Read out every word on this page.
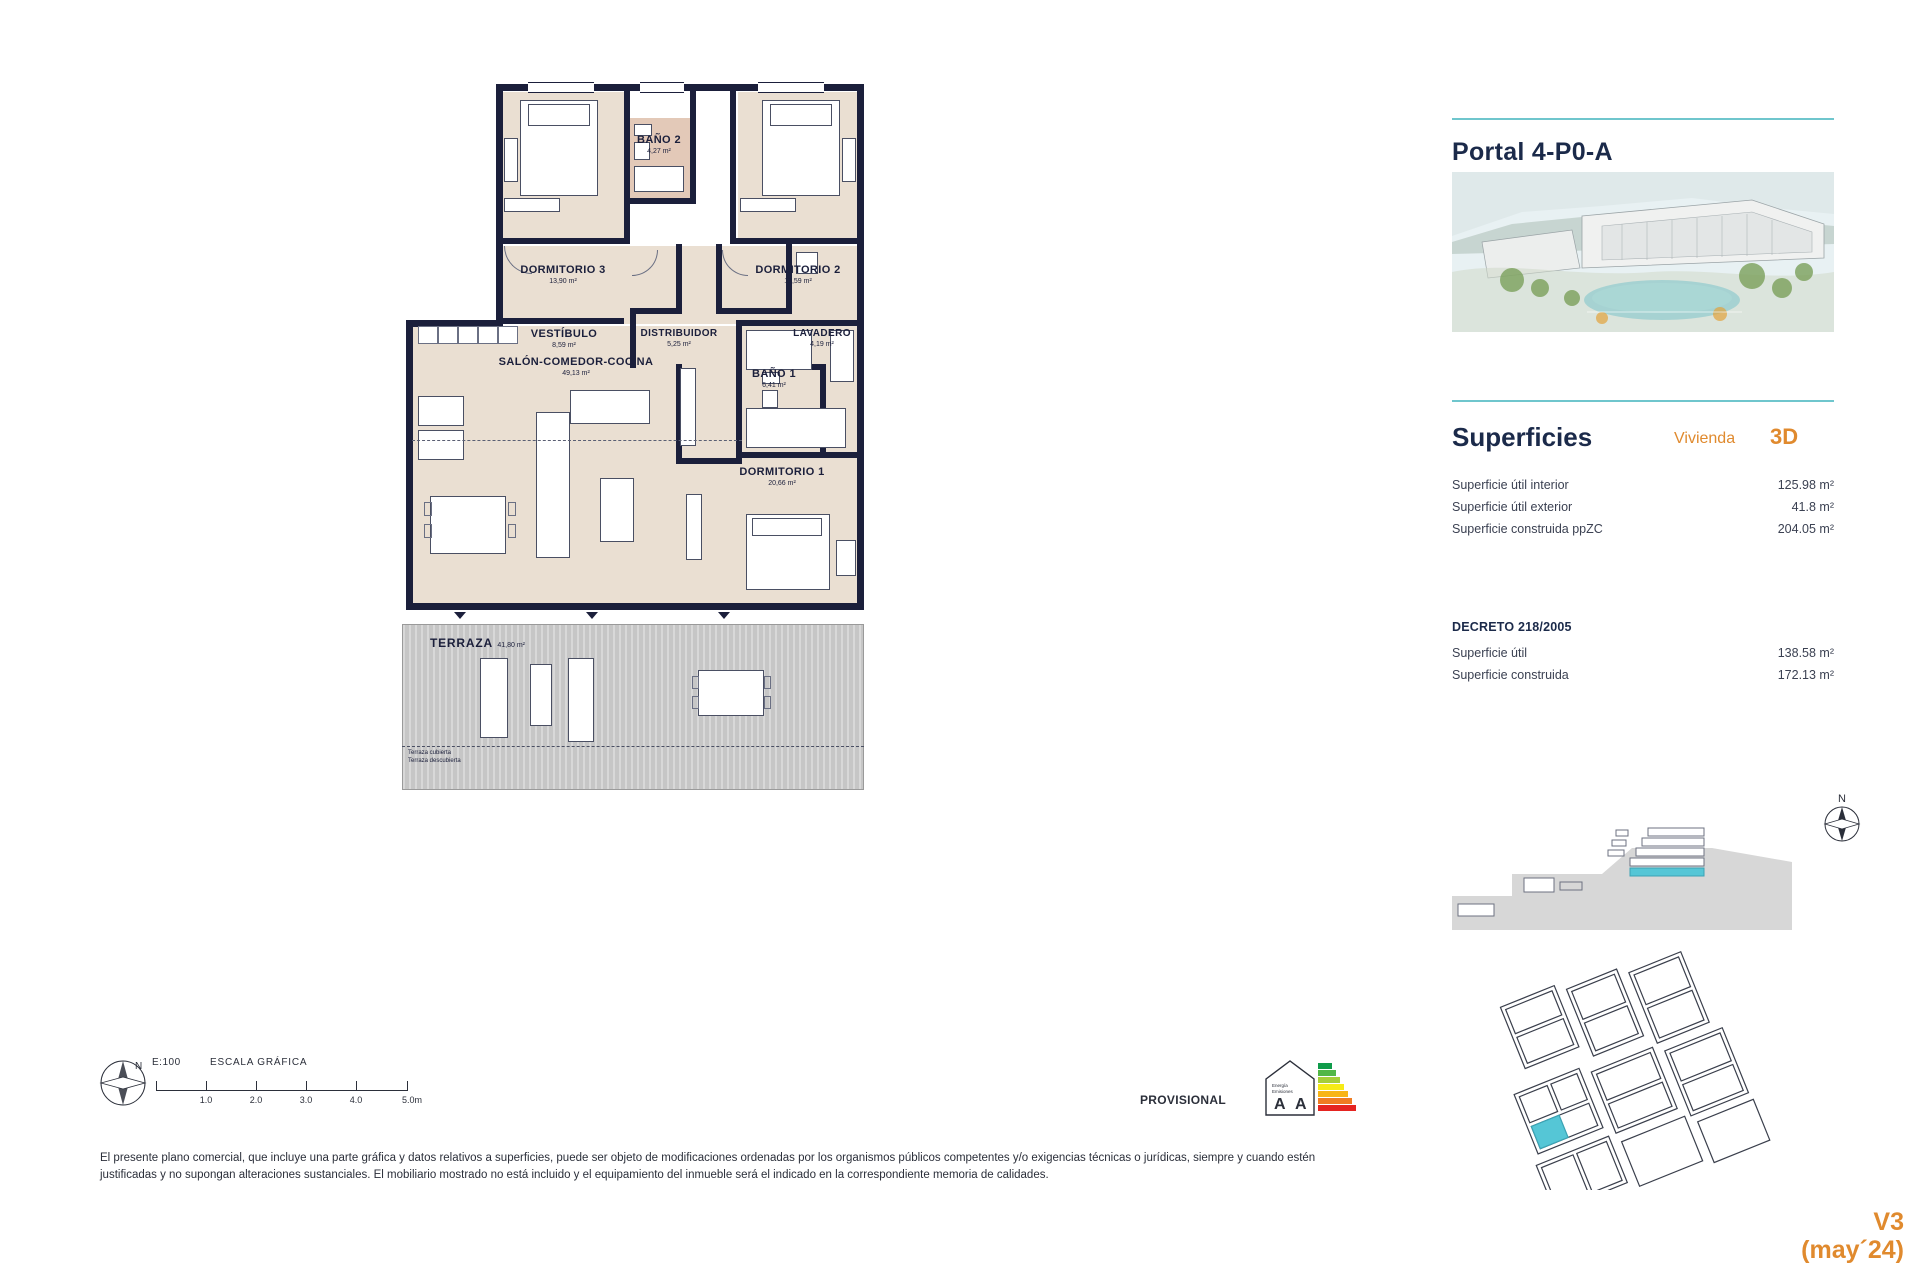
DORMITORIO 3
13,90 m²
DORMITORIO 2
13,59 m²
BAÑO 2
4,27 m²
BAÑO 1
6,41 m²
VESTÍBULO
8,59 m²
DISTRIBUIDOR
5,25 m²
LAVADERO
4,19 m²
SALÓN-COMEDOR-COCINA
49,13 m²
DORMITORIO 1
20,66 m²
TERRAZA 41,80 m²
Terraza cubierta
Terraza descubierta
N E:100	ESCALA GRÁFICA
1.0	2.0	3.0	4.0	5.0m	PROVISIONAL
Energía
Emisiones
A A
El presente plano comercial, que incluye una parte gráfica y datos relativos a superficies, puede ser objeto de modificaciones ordenadas por los organismos públicos competentes y/o exigencias técnicas o jurídicas, siempre y cuando estén justificadas y no supongan alteraciones sustanciales. El mobiliario mostrado no está incluido y el equipamiento del inmueble será el indicado en la correspondiente memoria de calidades.
Portal 4-P0-A
Superficies	Vivienda 3D
Superficie útil interior	125.98 m²
Superficie útil exterior	41.8 m²
Superficie construida ppZC	204.05 m²
DECRETO 218/2005
Superficie útil	138.58 m²
Superficie construida	172.13 m²
N
V3
(may´24)
